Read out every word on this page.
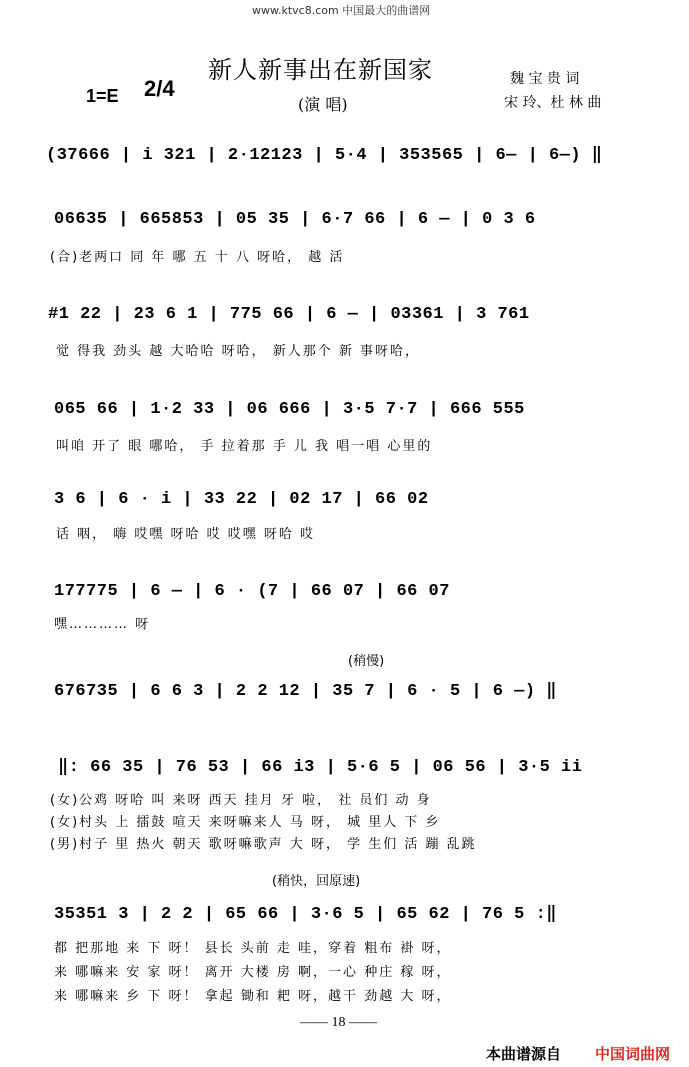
www.ktvc8.com 中国最大的曲谱网
新人新事出在新国家
1=E 2/4
(演 唱)
魏 宝 贵 词
宋 玲、杜 林 曲
(37666 | i 321 | 2·12123 | 5·4 | 353565 | 6— | 6—) ‖
06635 | 665853 | 05 35 | 6·7 66 | 6 — | 0 3 6
(合)老两口 同 年 哪 五 十 八 呀哈， 越 活
#1 22 | 23 6 1 | 775 66 | 6 — | 03361 | 3 761
觉 得我 劲头 越 大哈哈 呀哈， 新人那个 新 事呀哈，
065 66 | 1·2 33 | 06 666 | 3·5 7·7 | 666 555
叫咱 开了 眼 哪哈， 手 拉着那 手 儿 我 唱一唱 心里的
3 6 | 6 · i | 33 22 | 02 17 | 66 02
话 咽， 嗨 哎嘿 呀哈 哎 哎嘿 呀哈 哎
177775 | 6 — | 6 · (7 | 66 07 | 66 07
嘿………… 呀
(稍慢)
676735 | 6 6 3 | 2 2 12 | 35 7 | 6 · 5 | 6 —) ‖
‖: 66 35 | 76 53 | 66 i3 | 5·6 5 | 06 56 | 3·5 ii
(女)公鸡 呀哈 叫 来呀 西天 挂月 牙 啦， 社 员们 动 身
(女)村头 上 擂鼓 喧天 来呀嘛来人 马 呀， 城 里人 下 乡
(男)村子 里 热火 朝天 歌呀嘛歌声 大 呀， 学 生们 活 蹦 乱跳
(稍快，回原速)
35351 3 | 2 2 | 65 66 | 3·6 5 | 65 62 | 76 5 :‖
都 把那地 来 下 呀！ 县长 头前 走 哇，穿着 粗布 褂 呀，
来 哪嘛来 安 家 呀！ 离开 大楼 房 啊，一心 种庄 稼 呀，
来 哪嘛来 乡 下 呀！ 拿起 锄和 耙 呀，越干 劲越 大 呀，
—— 18 ——
本曲谱源自 中国词曲网
